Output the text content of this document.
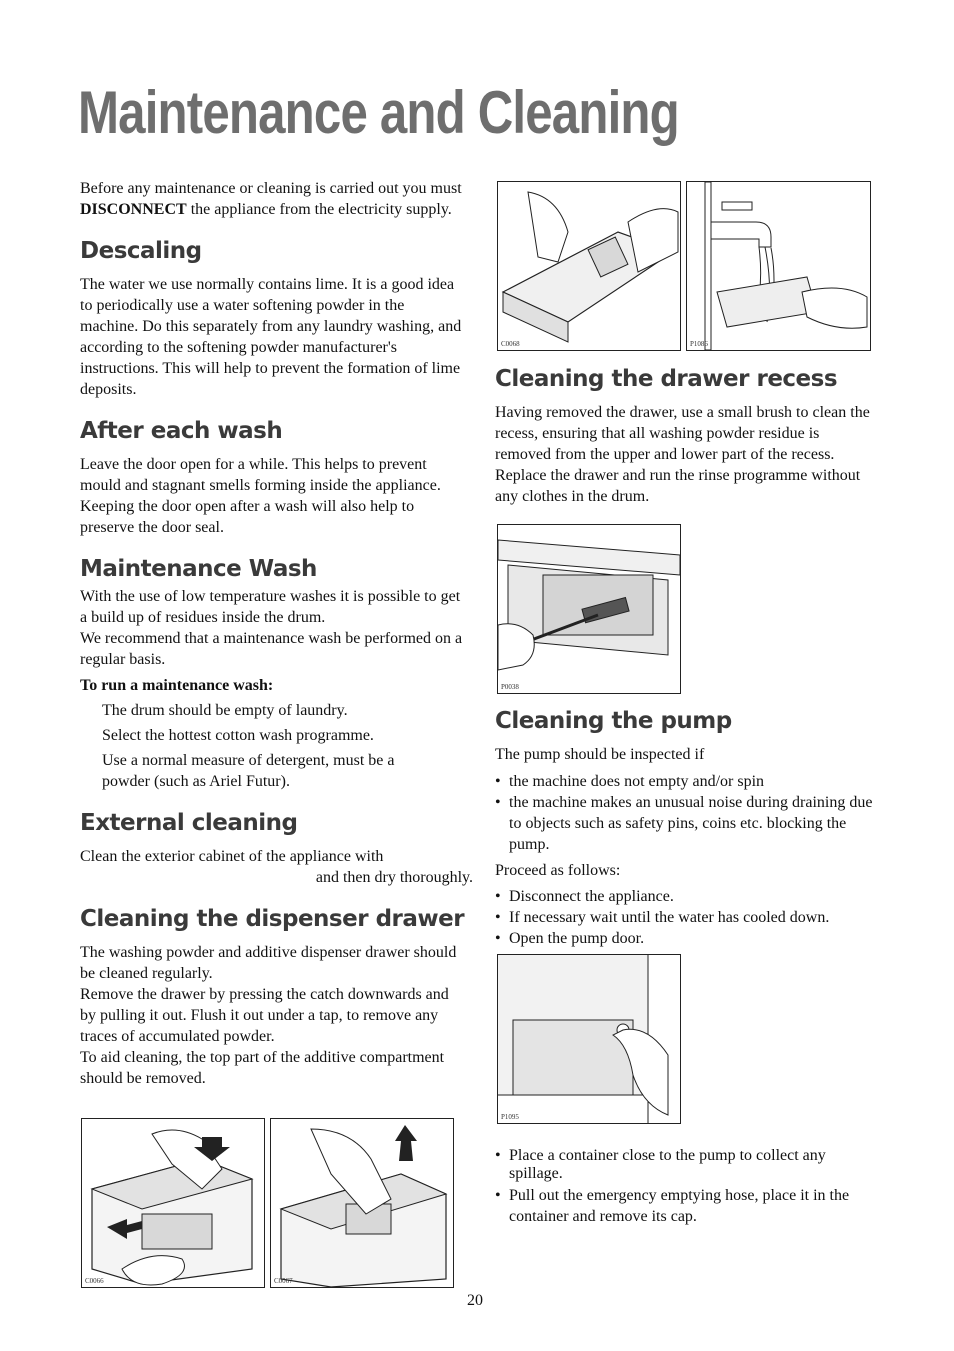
Maintenance and Cleaning

Before any maintenance or cleaning is carried out you must DISCONNECT the appliance from the electricity supply.

Descaling

The water we use normally contains lime. It is a good idea to periodically use a water softening powder in the machine. Do this separately from any laundry washing, and according to the softening powder manufacturer's instructions. This will help to prevent the formation of lime deposits.

After each wash

Leave the door open for a while. This helps to prevent mould and stagnant smells forming inside the appliance. Keeping the door open after a wash will also help to preserve the door seal.

Maintenance Wash

With the use of low temperature washes it is possible to get a build up of residues inside the drum.

We recommend that a maintenance wash be performed on a regular basis.

To run a maintenance wash:

The drum should be empty of laundry.

Select the hottest cotton wash programme.

Use a normal measure of detergent, must be a powder (such as Ariel Futur).

External cleaning

Clean the exterior cabinet of the appliance with

and then dry thoroughly.

Cleaning the dispenser drawer

The washing powder and additive dispenser drawer should be cleaned regularly.

Remove the drawer by pressing the catch downwards and by pulling it out. Flush it out under a tap, to remove any traces of accumulated powder.

To aid cleaning, the top part of the additive compartment should be removed.

C0066	C0067
C0068	P1086
Cleaning the drawer recess

Having removed the drawer, use a small brush to clean the recess, ensuring that all washing powder residue is removed from the upper and lower part of the recess. Replace the drawer and run the rinse programme without any clothes in the drum.

P0038
Cleaning the pump

The pump should be inspected if

• the machine does not empty and/or spin
• the machine makes an unusual noise during draining due to objects such as safety pins, coins etc. blocking the pump.

Proceed as follows:

• Disconnect the appliance.
• If necessary wait until the water has cooled down.
• Open the pump door.
P1095
• Place a container close to the pump to collect any spillage.
• Pull out the emergency emptying hose, place it in the container and remove its cap.
20
